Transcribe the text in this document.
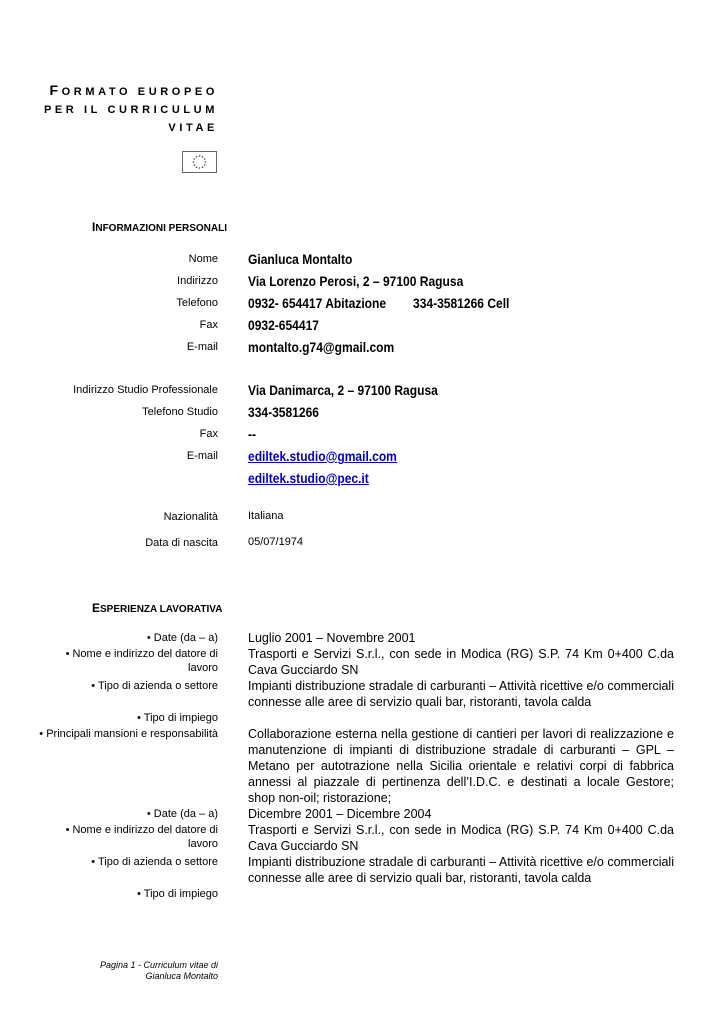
FORMATO EUROPEO
PER IL CURRICULUM
VITAE
INFORMAZIONI PERSONALI
Nome Gianluca Montalto
Indirizzo Via Lorenzo Perosi, 2 – 97100 Ragusa
Telefono 0932- 654417 Abitazione 334-3581266 Cell
Fax 0932-654417
E-mail montalto.g74@gmail.com
Indirizzo Studio Professionale Via Danimarca, 2 – 97100 Ragusa
Telefono Studio 334-3581266
Fax --
E-mail ediltek.studio@gmail.com
ediltek.studio@pec.it
Nazionalità	Italiana
Data di nascita	05/07/1974
ESPERIENZA LAVORATIVA
• Date (da – a) Luglio 2001 – Novembre 2001
• Nome e indirizzo del datore di
lavoro
Trasporti e Servizi S.r.l., con sede in Modica (RG) S.P. 74 Km 0+400 C.da Cava Gucciardo SN
• Tipo di azienda o settore Impianti distribuzione stradale di carburanti – Attività ricettive e/o commerciali connesse alle aree di servizio quali bar, ristoranti, tavola calda
• Tipo di impiego
• Principali mansioni e responsabilità Collaborazione esterna nella gestione di cantieri per lavori di realizzazione e manutenzione di impianti di distribuzione stradale di carburanti – GPL – Metano per autotrazione nella Sicilia orientale e relativi corpi di fabbrica annessi al piazzale di pertinenza dell’I.D.C. e destinati a locale Gestore; shop non-oil; ristorazione;
• Date (da – a) Dicembre 2001 – Dicembre 2004
• Nome e indirizzo del datore di
lavoro
Trasporti e Servizi S.r.l., con sede in Modica (RG) S.P. 74 Km 0+400 C.da Cava Gucciardo SN
• Tipo di azienda o settore Impianti distribuzione stradale di carburanti – Attività ricettive e/o commerciali connesse alle aree di servizio quali bar, ristoranti, tavola calda
• Tipo di impiego
Pagina 1 - Curriculum vitae di
Gianluca Montalto
